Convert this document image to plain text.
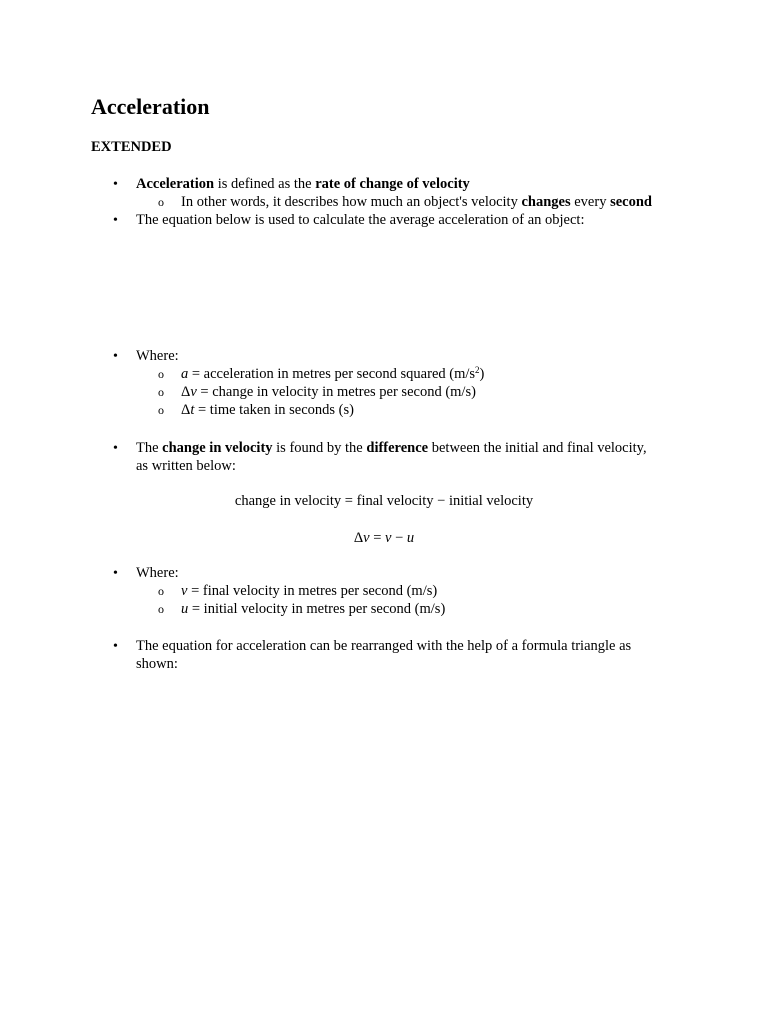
Acceleration
EXTENDED
• Acceleration is defined as the rate of change of velocity
o In other words, it describes how much an object's velocity changes every second
• The equation below is used to calculate the average acceleration of an object:
• Where:
o a = acceleration in metres per second squared $(m/s^2)$
o Δv = change in velocity in metres per second (m/s)
o Δt = time taken in seconds (s)
• The change in velocity is found by the difference between the initial and final velocity,
as written below:
change in velocity = final velocity − initial velocity
Δv = v − u
• Where:
o v = final velocity in metres per second (m/s)
o u = initial velocity in metres per second (m/s)
• The equation for acceleration can be rearranged with the help of a formula triangle as
shown:
